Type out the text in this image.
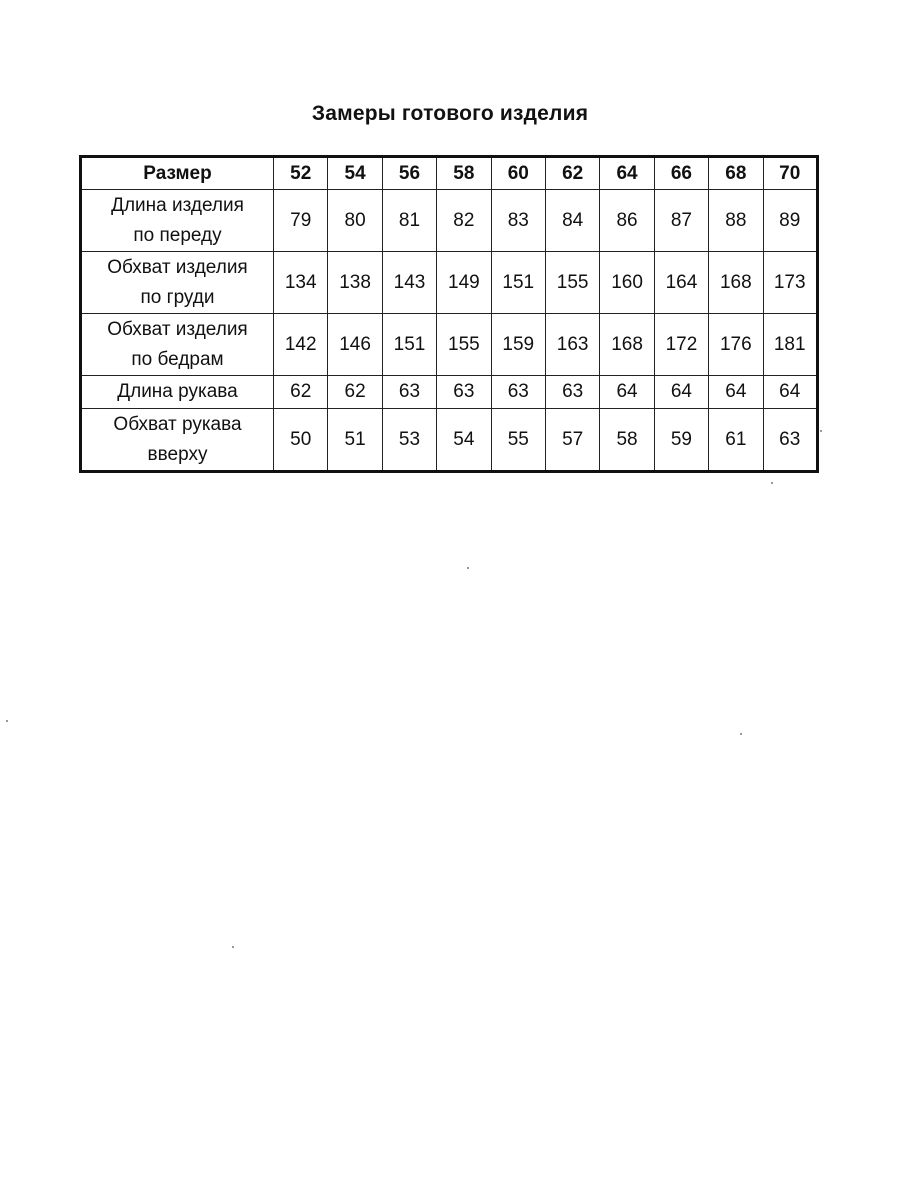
Замеры готового изделия
Размер	52	54	56	58	60	62	64	66	68	70

Длина изделия
по переду	79	80	81	82	83	84	86	87	88	89

Обхват изделия
по груди	134	138	143	149	151	155	160	164	168	173

Обхват изделия
по бедрам	142	146	151	155	159	163	168	172	176	181

Длина рукава	62	62	63	63	63	63	64	64	64	64

Обхват рукава
вверху	50	51	53	54	55	57	58	59	61	63
